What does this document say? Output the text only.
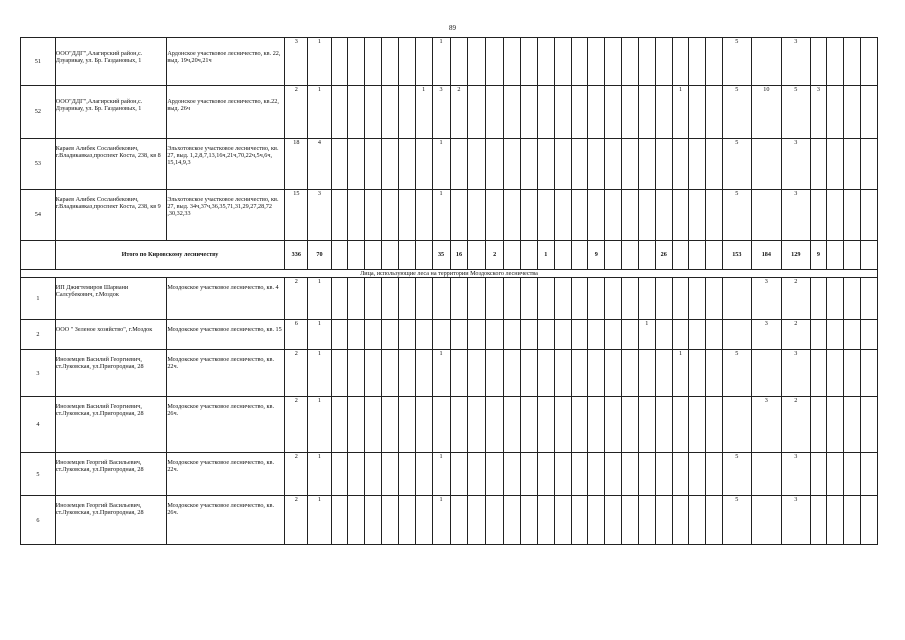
89
51	ООО"ДДГ",Алагирский район,с. Дзуарикау, ул. Бр. Газдановых, 1	Ардонское участковое лесничество, кв. 22, выд. 19ч,20ч,21ч	3	1							1																	5		3				
52	ООО"ДДГ",Алагирский район,с. Дзуарикау, ул. Бр. Газдановых, 1	Ардонское участковое лесничество, кв.22, выд. 26ч	2	1						1	3	2													1			5	10	5	3			
53	Караев Алибек Сосланбекович, г.Владикавказ,проспект Коста, 238, кв 8	Эльхотовское участковое лесничество, кв. 27, выд. 1,2,8,7,13,16ч,21ч,70,22ч,5ч,6ч, 15,14,9,3	18	4							1																	5		3				
54	Караев Алибек Сосланбекович, г.Владикавказ,проспект Коста, 238, кв 9	Эльхотовское участковое лесничество, кв. 27, выд. 34ч,37ч,36,35,71,31,29,27,28,72 ,30,32,33	15	3							1																	5		3				
	Итого по Кировскому лесничеству		336	70							35	16		2			1			9				26				153	184	129	9			
Лица, использующие леса на территории Моздокского лесничества																																		
1	ИП Джигтемиров Шарвани Салсубекович, г.Моздок	Моздокское участковое лесничество, кв. 4	2	1																									3	2				
2	ООО " Зеленое хозяйство", г.Моздок	Моздокское участковое лесничество, кв. 15	6	1																			1						3	2				
3	Иноземцев Василий Георгиевич, ст.Луковская, ул.Пригородная, 28	Моздокское участковое лесничество, кв. 22ч.	2	1							1														1			5		3				
4	Иноземцев Василий Георгиевич, ст.Луковская, ул.Пригородная, 28	Моздокское участковое лесничество, кв. 26ч.	2	1																									3	2				
5	Иноземцев Георгий Васильевич, ст.Луковская, ул.Пригородная, 28	Моздокское участковое лесничество, кв. 22ч.	2	1							1																	5		3				
6	Иноземцев Георгий Васильевич, ст.Луковская, ул.Пригородная, 28	Моздокское участковое лесничество, кв. 26ч.	2	1							1																	5		3				
